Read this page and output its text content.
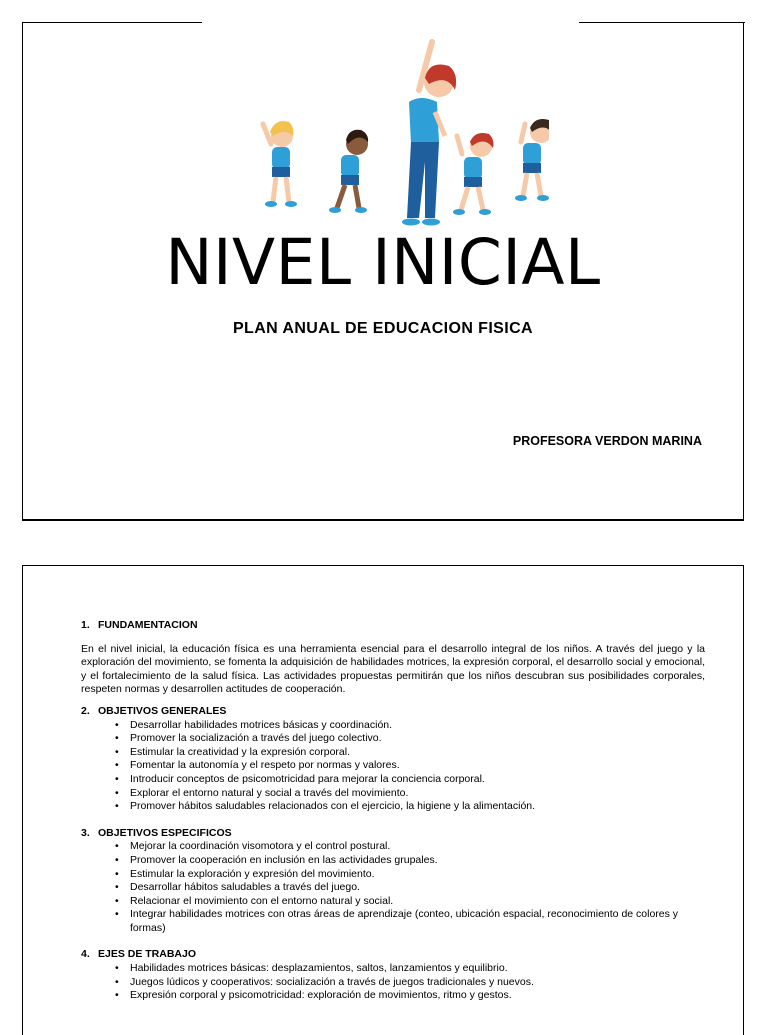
NIVEL INICIAL
PLAN ANUAL DE EDUCACION FISICA
PROFESORA VERDON MARINA
1. FUNDAMENTACION
En el nivel inicial, la educación física es una herramienta esencial para el desarrollo integral de los niños. A través del juego y la exploración del movimiento, se fomenta la adquisición de habilidades motrices, la expresión corporal, el desarrollo social y emocional, y el fortalecimiento de la salud física. Las actividades propuestas permitirán que los niños descubran sus posibilidades corporales, respeten normas y desarrollen actitudes de cooperación.
2. OBJETIVOS GENERALES
• Desarrollar habilidades motrices básicas y coordinación.
• Promover la socialización a través del juego colectivo.
• Estimular la creatividad y la expresión corporal.
• Fomentar la autonomía y el respeto por normas y valores.
• Introducir conceptos de psicomotricidad para mejorar la conciencia corporal.
• Explorar el entorno natural y social a través del movimiento.
• Promover hábitos saludables relacionados con el ejercicio, la higiene y la alimentación.
3. OBJETIVOS ESPECIFICOS
• Mejorar la coordinación visomotora y el control postural.
• Promover la cooperación en inclusión en las actividades grupales.
• Estimular la exploración y expresión del movimiento.
• Desarrollar hábitos saludables a través del juego.
• Relacionar el movimiento con el entorno natural y social.
• Integrar habilidades motrices con otras áreas de aprendizaje (conteo, ubicación espacial, reconocimiento de colores y formas)
4. EJES DE TRABAJO
• Habilidades motrices básicas: desplazamientos, saltos, lanzamientos y equilibrio.
• Juegos lúdicos y cooperativos: socialización a través de juegos tradicionales y nuevos.
• Expresión corporal y psicomotricidad: exploración de movimientos, ritmo y gestos.
